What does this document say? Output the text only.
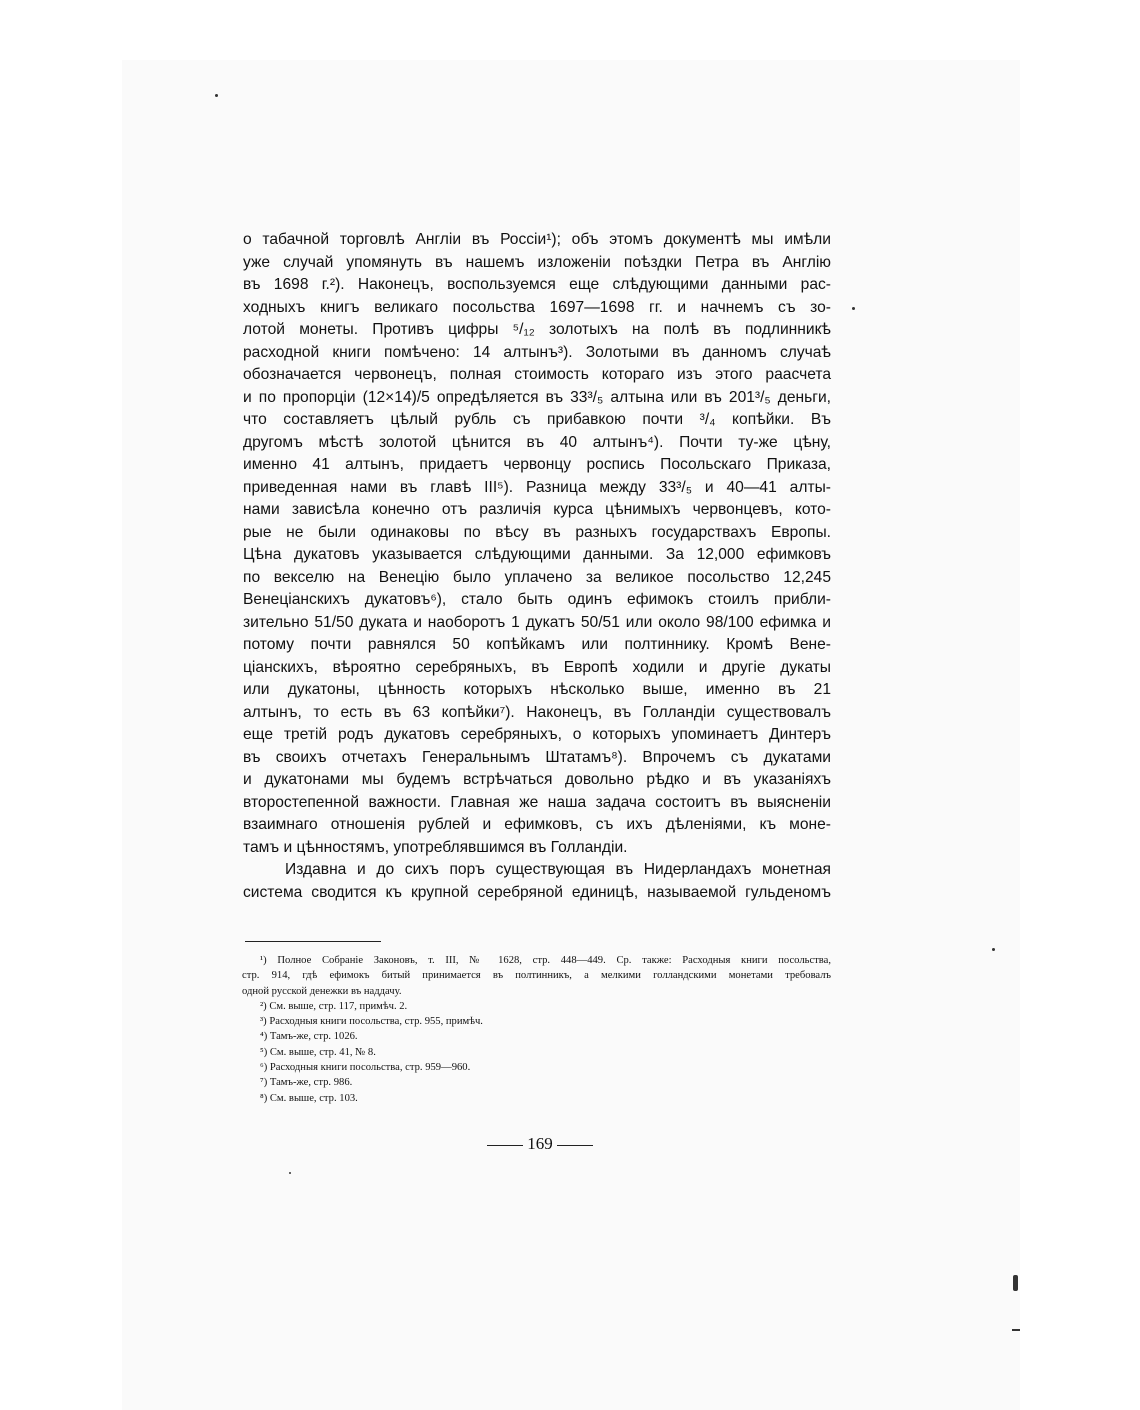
о табачной торговлѣ Англіи въ Россіи¹); объ этомъ документѣ мы имѣли
уже случай упомянуть въ нашемъ изложеніи поѣздки Петра въ Англію
въ 1698 г.²). Наконецъ, воспользуемся еще слѣдующими данными рас-
ходныхъ книгъ великаго посольства 1697—1698 гг. и начнемъ съ зо-
лотой монеты. Противъ цифры ⁵/₁₂ золотыхъ на полѣ въ подлинникѣ
расходной книги помѣчено: 14 алтынъ³). Золотыми въ данномъ случаѣ
обозначается червонецъ, полная стоимость котораго изъ этого раасчета
и по пропорціи (12×14)/5 опредѣляется въ 33³/₅ алтына или въ 201³/₅ деньги,
что составляетъ цѣлый рубль съ прибавкою почти ³/₄ копѣйки. Въ
другомъ мѣстѣ золотой цѣнится въ 40 алтынъ⁴). Почти ту-же цѣну,
именно 41 алтынъ, придаетъ червонцу роспись Посольскаго Приказа,
приведенная нами въ главѣ III⁵). Разница между 33³/₅ и 40—41 алты-
нами зависѣла конечно отъ различія курса цѣнимыхъ червонцевъ, кото-
рые не были одинаковы по вѣсу въ разныхъ государствахъ Европы.
Цѣна дукатовъ указывается слѣдующими данными. За 12,000 ефимковъ
по векселю на Венецію было уплачено за великое посольство 12,245
Венеціанскихъ дукатовъ⁶), стало быть одинъ ефимокъ стоилъ прибли-
зительно 51/50 дуката и наоборотъ 1 дукатъ 50/51 или около 98/100 ефимка и
потому почти равнялся 50 копѣйкамъ или полтиннику. Кромѣ Вене-
ціанскихъ, вѣроятно серебряныхъ, въ Европѣ ходили и другіе дукаты
или дукатоны, цѣнность которыхъ нѣсколько выше, именно въ 21
алтынъ, то есть въ 63 копѣйки⁷). Наконецъ, въ Голландіи существовалъ
еще третій родъ дукатовъ серебряныхъ, о которыхъ упоминаетъ Динтеръ
въ своихъ отчетахъ Генеральнымъ Штатамъ⁸). Впрочемъ съ дукатами
и дукатонами мы будемъ встрѣчаться довольно рѣдко и въ указаніяхъ
второстепенной важности. Главная же наша задача состоитъ въ выясненіи
взаимнаго отношенія рублей и ефимковъ, съ ихъ дѣленіями, къ моне-
тамъ и цѣнностямъ, употреблявшимся въ Голландіи.
Издавна и до сихъ поръ существующая въ Нидерландахъ монетная
система сводится къ крупной серебряной единицѣ, называемой гульденомъ
¹) Полное Собраніе Законовъ, т. III, № 1628, стр. 448—449. Ср. также: Расходныя книги посольства,
стр. 914, гдѣ ефимокъ битый принимается въ полтинникъ, а мелкими голландскими монетами требовалъ
одной русской денежки въ наддачу.
²) См. выше, стр. 117, примѣч. 2.
³) Расходныя книги посольства, стр. 955, примѣч.
⁴) Тамъ-же, стр. 1026.
⁵) См. выше, стр. 41, № 8.
⁶) Расходныя книги посольства, стр. 959—960.
⁷) Тамъ-же, стр. 986.
⁸) См. выше, стр. 103.
169
